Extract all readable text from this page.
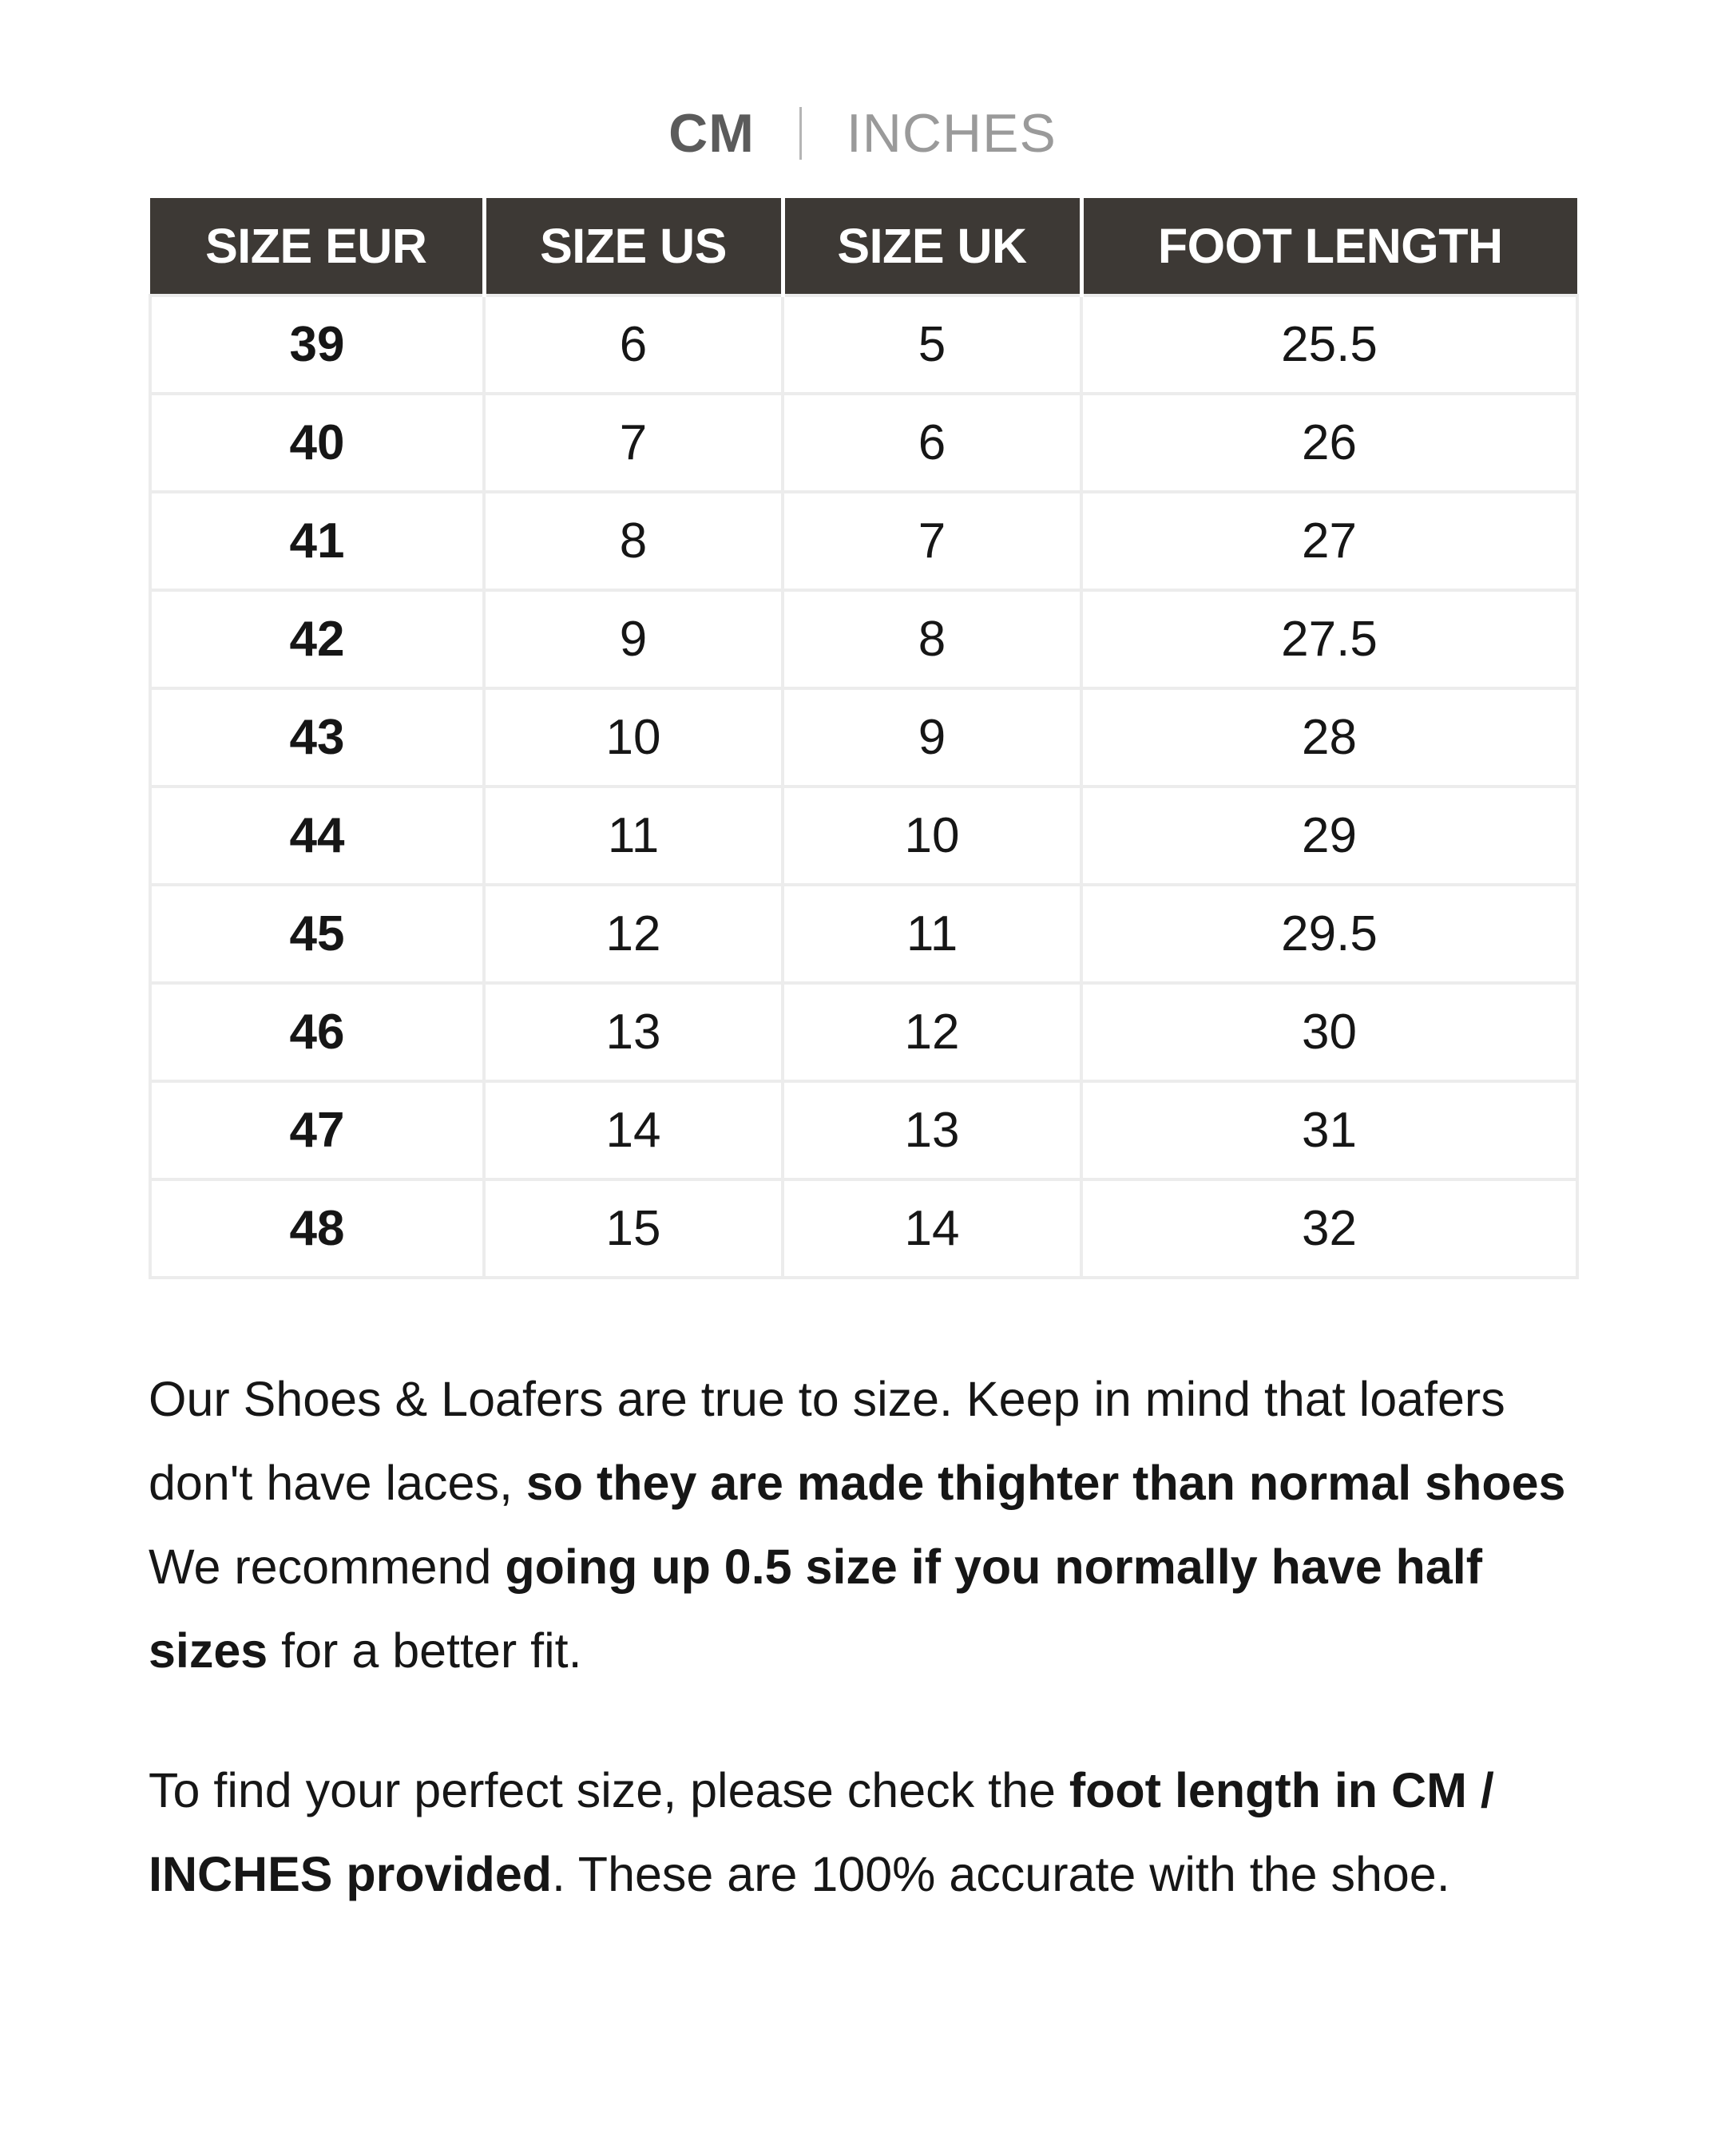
CM INCHES
SIZE EUR	SIZE US	SIZE UK	FOOT LENGTH
39	6	5	25.5
40	7	6	26
41	8	7	27
42	9	8	27.5
43	10	9	28
44	11	10	29
45	12	11	29.5
46	13	12	30
47	14	13	31
48	15	14	32

Our Shoes & Loafers are true to size. Keep in mind that loafers don't have laces, so they are made thighter than normal shoes We recommend going up 0.5 size if you normally have half sizes for a better fit.

To find your perfect size, please check the foot length in CM / INCHES provided. These are 100% accurate with the shoe.
